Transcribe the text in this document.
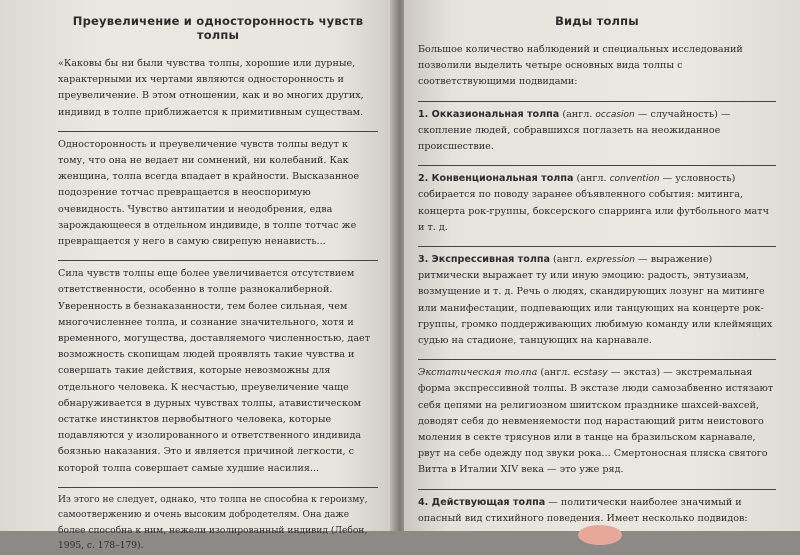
Преувеличение и односторонность чувств толпы

«Каковы бы ни были чувства толпы, хорошие или дурные, характерными их чертами являются односторонность и преувеличение. В этом отношении, как и во многих других, индивид в толпе приближается к примитивным существам.

Односторонность и преувеличение чувств толпы ведут к тому, что она не ведает ни сомнений, ни колебаний. Как женщина, толпа всегда впадает в крайности. Высказанное подозрение тотчас превращается в неоспоримую очевидность. Чувство антипатии и неодобрения, едва зарождающееся в отдельном индивиде, в толпе тотчас же превращается у него в самую свирепую ненависть...

Сила чувств толпы еще более увеличивается отсутствием ответственности, особенно в толпе разнокалиберной. Уверенность в безнаказанности, тем более сильная, чем многочисленнее толпа, и сознание значительного, хотя и временного, могущества, доставляемого численностью, дает возможность скопищам людей проявлять такие чувства и совершать такие действия, которые невозможны для отдельного человека. К несчастью, преувеличение чаще обнаруживается в дурных чувствах толпы, атавистическом остатке инстинктов первобытного человека, которые подавляются у изолированного и ответственного индивида боязнью наказания. Это и является причиной легкости, с которой толпа совершает самые худшие насилия...

Из этого не следует, однако, что толпа не способна к героизму, самоотвержению и очень высоким добродетелям. Она даже более способна к ним, нежели изолированный индивид (Лебон, 1995, с. 178–179).

Виды толпы

Большое количество наблюдений и специальных исследований позволили выделить четыре основных вида толпы с соответствующими подвидами:

1. Окказиональная толпа (англ. occasion — случайность) — скопление людей, собравшихся поглазеть на неожиданное происшествие.

2. Конвенциональная толпа (англ. convention — условность) собирается по поводу заранее объявленного события: митинга, концерта рок-группы, боксерского спарринга или футбольного матч и т. д.

3. Экспрессивная толпа (англ. expression — выражение) ритмически выражает ту или иную эмоцию: радость, энтузиазм, возмущение и т. д. Речь о людях, скандирующих лозунг на митинге или манифестации, подпевающих или танцующих на концерте рок-группы, громко поддерживающих любимую команду или клеймящих судью на стадионе, танцующих на карнавале.

Экстатическая толпа (англ. ecstasy — экстаз) — экстремальная форма экспрессивной толпы. В экстазе люди самозабвенно истязают себя цепями на религиозном шиитском празднике шахсей-вахсей, доводят себя до невменяемости под нарастающий ритм неистового моления в секте трясунов или в танце на бразильском карнавале, рвут на себе одежду под звуки рока... Смертоносная пляска святого Витта в Италии XIV века — это уже ряд.

4. Действующая толпа — политически наиболее значимый и опасный вид стихийного поведения. Имеет несколько подвидов:
